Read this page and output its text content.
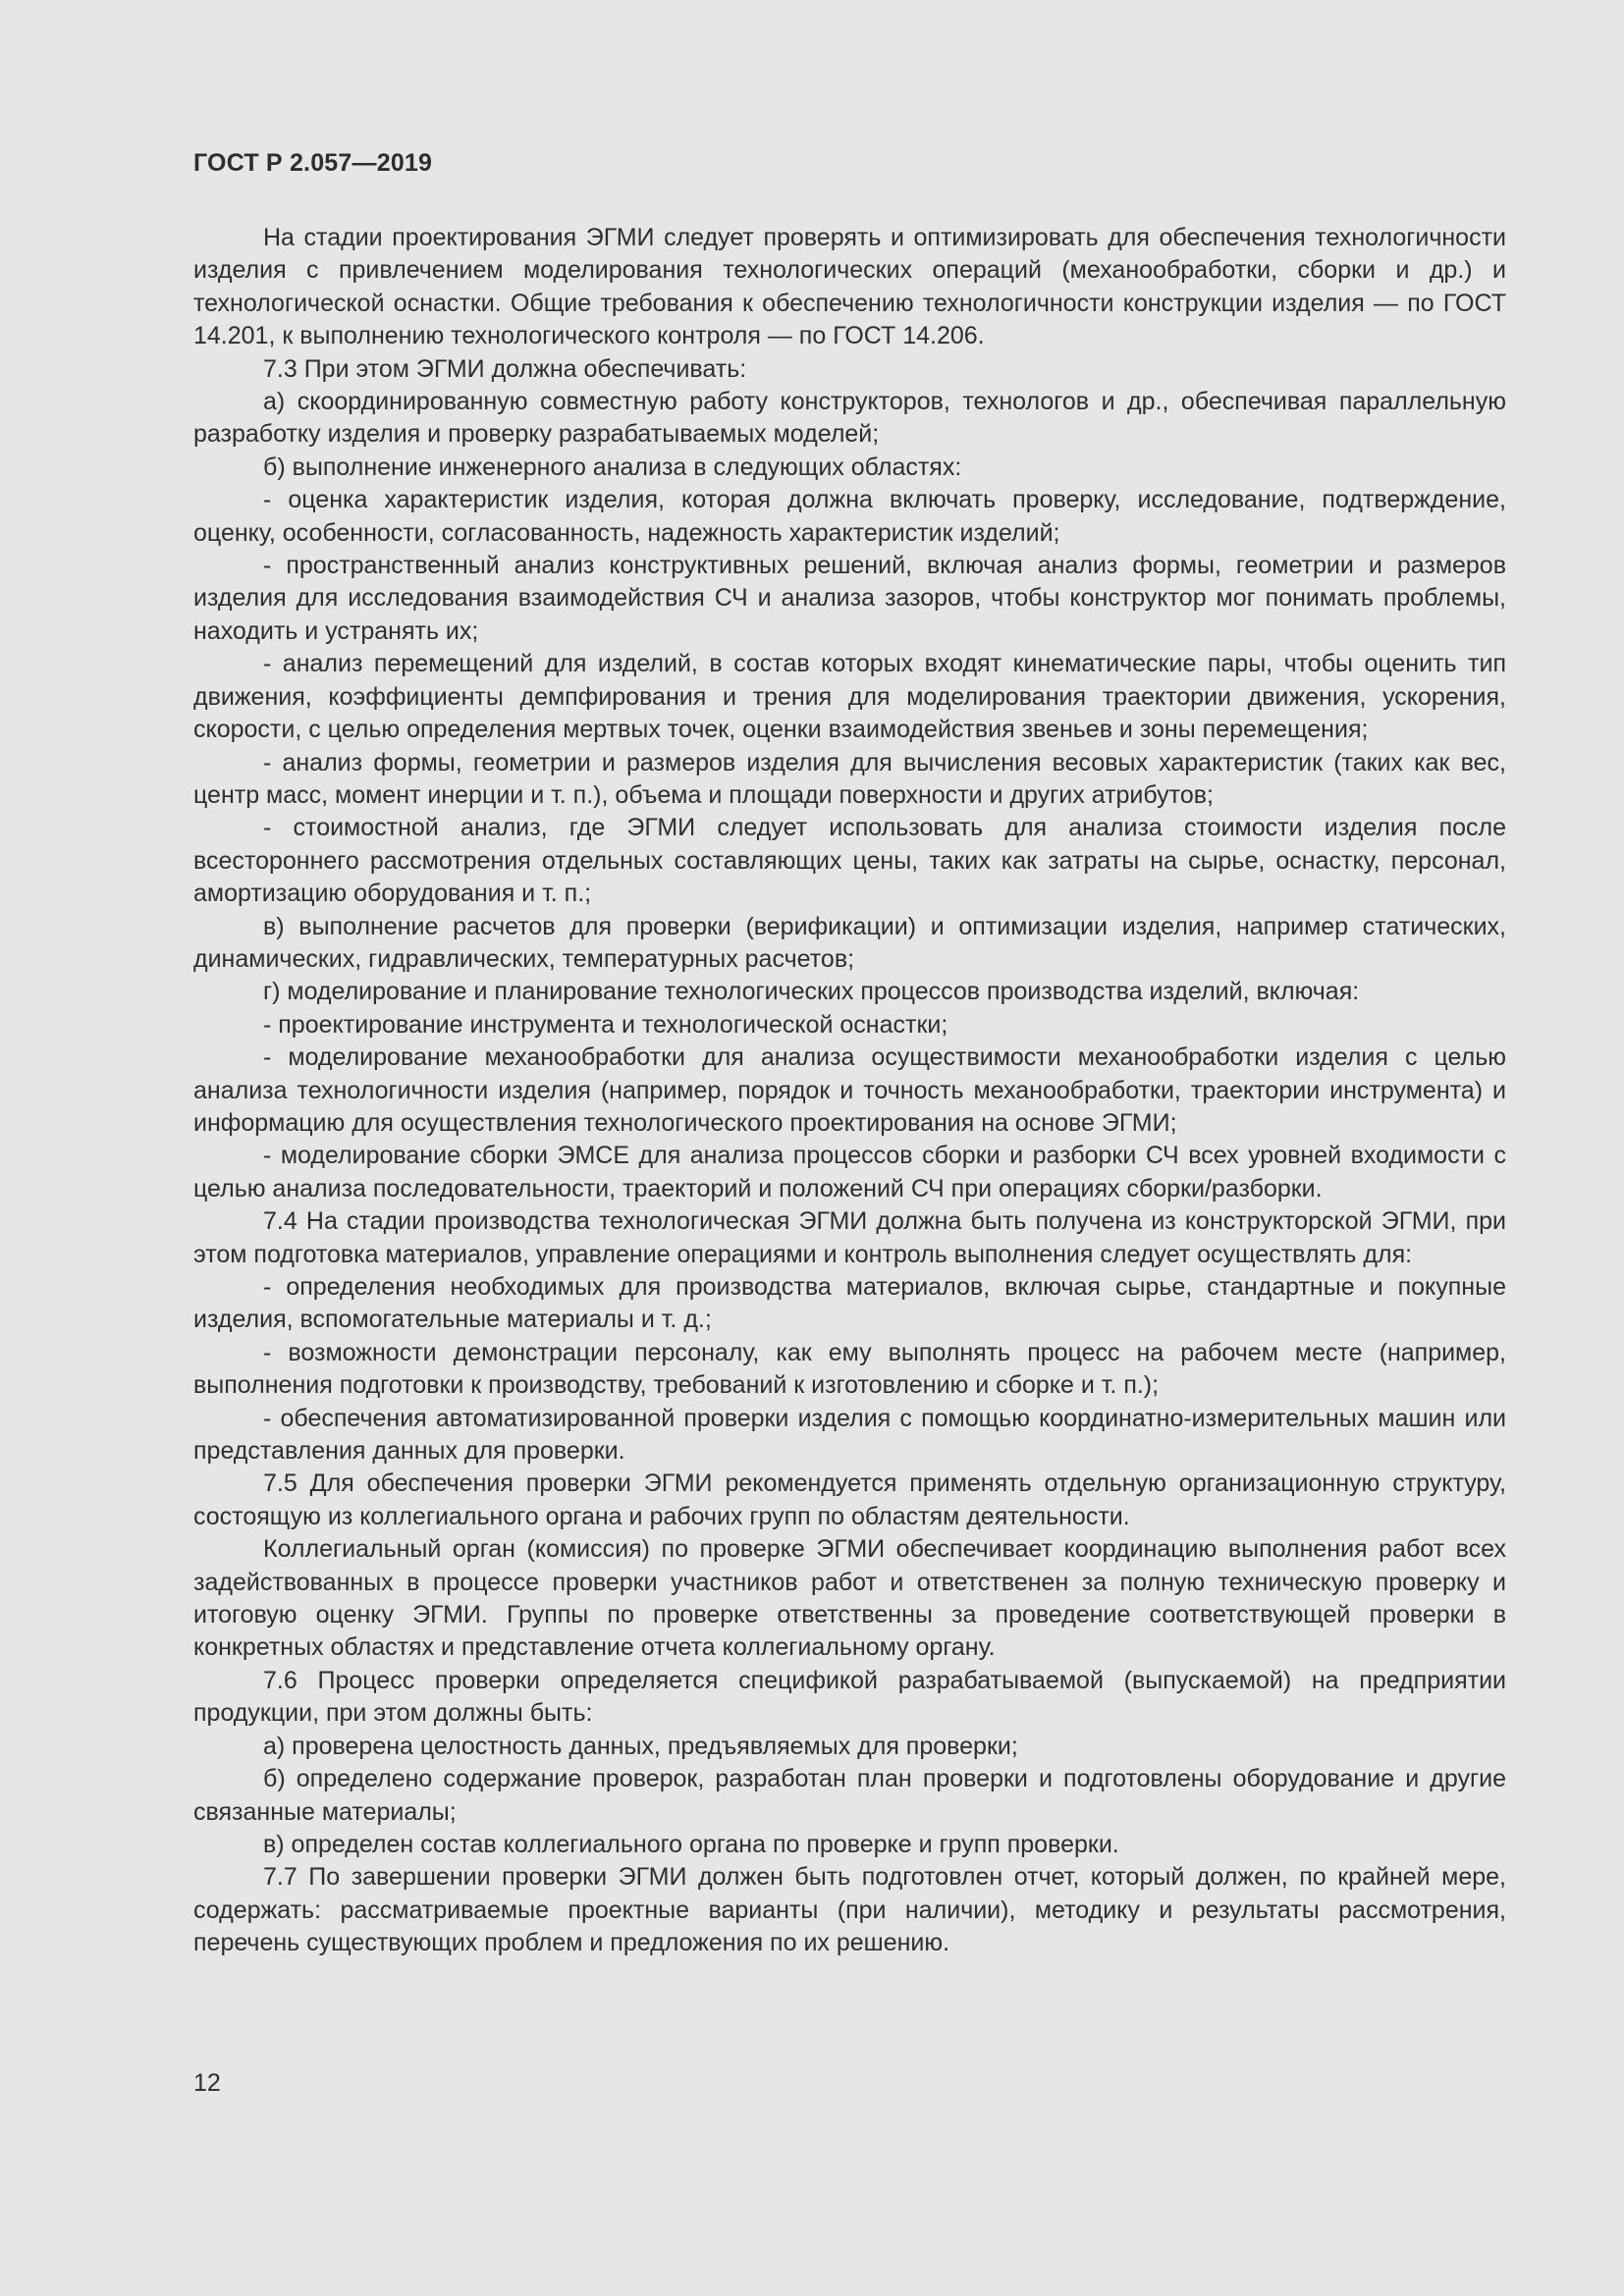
ГОСТ Р 2.057—2019

На стадии проектирования ЭГМИ следует проверять и оптимизировать для обеспечения технологичности изделия с привлечением моделирования технологических операций (механообработки, сборки и др.) и технологической оснастки. Общие требования к обеспечению технологичности конструкции изделия — по ГОСТ 14.201, к выполнению технологического контроля — по ГОСТ 14.206.

7.3 При этом ЭГМИ должна обеспечивать:

а) скоординированную совместную работу конструкторов, технологов и др., обеспечивая параллельную разработку изделия и проверку разрабатываемых моделей;

б) выполнение инженерного анализа в следующих областях:

- оценка характеристик изделия, которая должна включать проверку, исследование, подтверждение, оценку, особенности, согласованность, надежность характеристик изделий;

- пространственный анализ конструктивных решений, включая анализ формы, геометрии и размеров изделия для исследования взаимодействия СЧ и анализа зазоров, чтобы конструктор мог понимать проблемы, находить и устранять их;

- анализ перемещений для изделий, в состав которых входят кинематические пары, чтобы оценить тип движения, коэффициенты демпфирования и трения для моделирования траектории движения, ускорения, скорости, с целью определения мертвых точек, оценки взаимодействия звеньев и зоны перемещения;

- анализ формы, геометрии и размеров изделия для вычисления весовых характеристик (таких как вес, центр масс, момент инерции и т. п.), объема и площади поверхности и других атрибутов;

- стоимостной анализ, где ЭГМИ следует использовать для анализа стоимости изделия после всестороннего рассмотрения отдельных составляющих цены, таких как затраты на сырье, оснастку, персонал, амортизацию оборудования и т. п.;

в) выполнение расчетов для проверки (верификации) и оптимизации изделия, например статических, динамических, гидравлических, температурных расчетов;

г) моделирование и планирование технологических процессов производства изделий, включая:

- проектирование инструмента и технологической оснастки;

- моделирование механообработки для анализа осуществимости механообработки изделия с целью анализа технологичности изделия (например, порядок и точность механообработки, траектории инструмента) и информацию для осуществления технологического проектирования на основе ЭГМИ;

- моделирование сборки ЭМСЕ для анализа процессов сборки и разборки СЧ всех уровней входимости с целью анализа последовательности, траекторий и положений СЧ при операциях сборки/разборки.

7.4 На стадии производства технологическая ЭГМИ должна быть получена из конструкторской ЭГМИ, при этом подготовка материалов, управление операциями и контроль выполнения следует осуществлять для:

- определения необходимых для производства материалов, включая сырье, стандартные и покупные изделия, вспомогательные материалы и т. д.;

- возможности демонстрации персоналу, как ему выполнять процесс на рабочем месте (например, выполнения подготовки к производству, требований к изготовлению и сборке и т. п.);

- обеспечения автоматизированной проверки изделия с помощью координатно-измерительных машин или представления данных для проверки.

7.5 Для обеспечения проверки ЭГМИ рекомендуется применять отдельную организационную структуру, состоящую из коллегиального органа и рабочих групп по областям деятельности.

Коллегиальный орган (комиссия) по проверке ЭГМИ обеспечивает координацию выполнения работ всех задействованных в процессе проверки участников работ и ответственен за полную техническую проверку и итоговую оценку ЭГМИ. Группы по проверке ответственны за проведение соответствующей проверки в конкретных областях и представление отчета коллегиальному органу.

7.6 Процесс проверки определяется спецификой разрабатываемой (выпускаемой) на предприятии продукции, при этом должны быть:

а) проверена целостность данных, предъявляемых для проверки;

б) определено содержание проверок, разработан план проверки и подготовлены оборудование и другие связанные материалы;

в) определен состав коллегиального органа по проверке и групп проверки.

7.7 По завершении проверки ЭГМИ должен быть подготовлен отчет, который должен, по крайней мере, содержать: рассматриваемые проектные варианты (при наличии), методику и результаты рассмотрения, перечень существующих проблем и предложения по их решению.

12
